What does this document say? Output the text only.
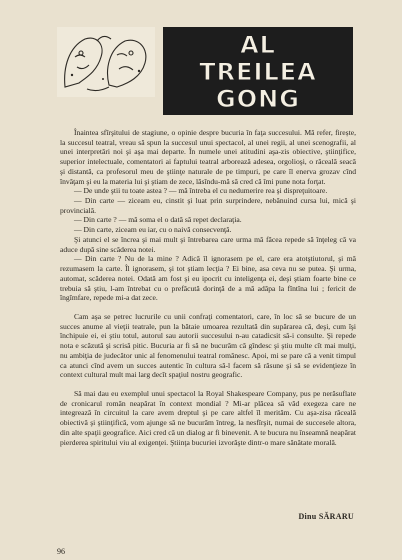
AL
TREILEA
GONG

Înaintea sfîrşitului de stagiune, o opinie despre bucuria în faţa succesului. Mă refer, firește, la succesul teatral, vreau să spun la succesul unui spectacol, al unei regii, al unei scenografii, al unei interpretări noi şi aşa mai departe. În numele unei atitudini aşa-zis obiective, ştiinţifice, superior intelectuale, comentatori ai faptului teatral arborează adesea, orgolioşi, o răceală seacă şi distantă, ca profesorul meu de ştiinţe naturale de pe timpuri, pe care îl enerva grozav cînd învăţam şi eu la materia lui şi ştiam de zece, lăsîndu-mă să cred că îmi pune nota forţat.

— De unde ştii tu toate astea ? — mă întreba el cu nedumerire rea şi dispreţuitoare.

— Din carte — ziceam eu, cinstit şi luat prin surprindere, nebănuind cursa lui, mică şi provincială.

— Din carte ? — mă soma el o dată să repet declaraţia.

— Din carte, ziceam eu iar, cu o naivă consecvenţă.

Şi atunci el se încrea şi mai mult şi întrebarea care urma mă făcea repede să înţeleg că va aduce după sine scăderea notei.

— Din carte ? Nu de la mine ? Adică îl ignorasem pe el, care era atotştiutorul, şi mă rezumasem la carte. Îl ignorasem, şi tot ştiam lecţia ? Ei bine, asa ceva nu se putea. Şi urma, automat, scăderea notei. Odată am fost şi eu ipocrit cu inteligenţa ei, deşi ştiam foarte bine ce trebuia să ştiu, l-am întrebat cu o prefăcută dorinţă de a mă adăpa la fîntîna lui ; fericit de îngîmfare, repede mi-a dat zece.

Cam aşa se petrec lucrurile cu unii confraţi comentatori, care, în loc să se bucure de un succes anume al vieţii teatrale, pun la bătaie umoarea rezultată din supărarea că, deşi, cum îşi închipuie ei, ei ştiu totul, autorul sau autorii succesului n-au catadicsit să-i consulte. Şi repede nota e scăzută şi scrisă pitic. Bucuria ar fi să ne bucurăm că gîndesc şi ştiu multe cît mai mulţi, nu ambiţia de judecător unic al fenomenului teatral românesc. Apoi, mi se pare că a venit timpul ca atunci cînd avem un succes autentic în cultura să-l facem să răsune şi să se evidenţieze în context cultural mult mai larg decît spaţiul nostru geografic.

Să mai dau eu exemplul unui spectacol la Royal Shakespeare Company, pus pe nerăsuflate de cronicarul român neapărat în context mondial ? Mi-ar plăcea să văd exegeza care ne integrează în circuitul la care avem dreptul şi pe care altfel îl merităm. Cu aşa-zisa răceală obiectivă şi ştiinţifică, vom ajunge să ne bucurăm întreg, la nesfîrşit, numai de succesele altora, din alte spaţii geografice. Aici cred că un dialog ar fi binevenit. A te bucura nu înseamnă neapărat pierderea spiritului viu al exigenţei. Ştiinţa bucuriei izvorăşte dintr-o mare sănătate morală.

Dinu SĂRARU
96
